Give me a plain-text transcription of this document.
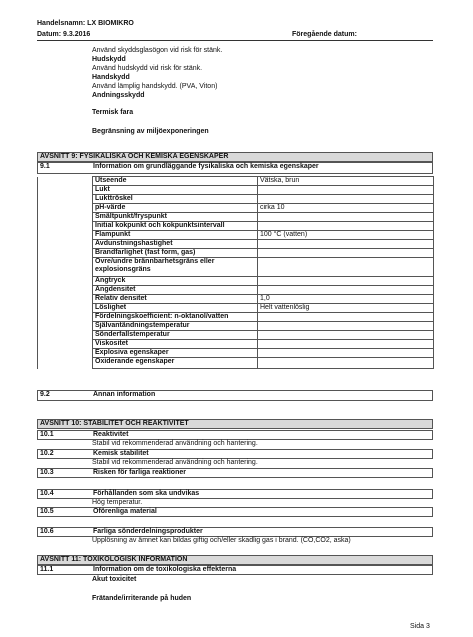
Handelsnamn: LX BIOMIKRO
Datum: 9.3.2016	Föregående datum:
Använd skyddsglasögon vid risk för stänk.
Hudskydd
Använd hudskydd vid risk för stänk.
Handskydd
Använd lämplig handskydd. (PVA, Viton)
Andningsskydd
Termisk fara
Begränsning av miljöexponeringen
AVSNITT 9: FYSIKALISKA OCH KEMISKA EGENSKAPER
9.1	Information om grundläggande fysikaliska och kemiska egenskaper
	Utseende	Vätska, brun
	Lukt	
	Lukttröskel	
	pH-värde	cirka 10
	Smältpunkt/fryspunkt	
	Initial kokpunkt och kokpunktsintervall	
	Flampunkt	100 °C (vatten)
	Avdunstningshastighet	
	Brandfarlighet (fast form, gas)	
	Övre/undre brännbarhetsgräns eller explosionsgräns	
	Ångtryck	
	Ångdensitet	
	Relativ densitet	1,0
	Löslighet	Helt vattenlöslig
	Fördelningskoefficient: n-oktanol/vatten	
	Självantändningstemperatur	
	Sönderfallstemperatur	
	Viskositet	
	Explosiva egenskaper	
	Oxiderande egenskaper	
9.2	Annan information
AVSNITT 10: STABILITET OCH REAKTIVITET
10.1	Reaktivitet
Stabil vid rekommenderad användning och hantering.
10.2	Kemisk stabilitet
Stabil vid rekommenderad användning och hantering.
10.3	Risken för farliga reaktioner
10.4	Förhållanden som ska undvikas
Hög temperatur.
10.5	Oförenliga material
10.6	Farliga sönderdelningsprodukter
Upplösning av ämnet kan bildas giftig och/eller skadlig gas i brand. (CO,CO2, aska)
AVSNITT 11: TOXIKOLOGISK INFORMATION
11.1	Information om de toxikologiska effekterna
Akut toxicitet
Frätande/irriterande på huden
Sida 3
